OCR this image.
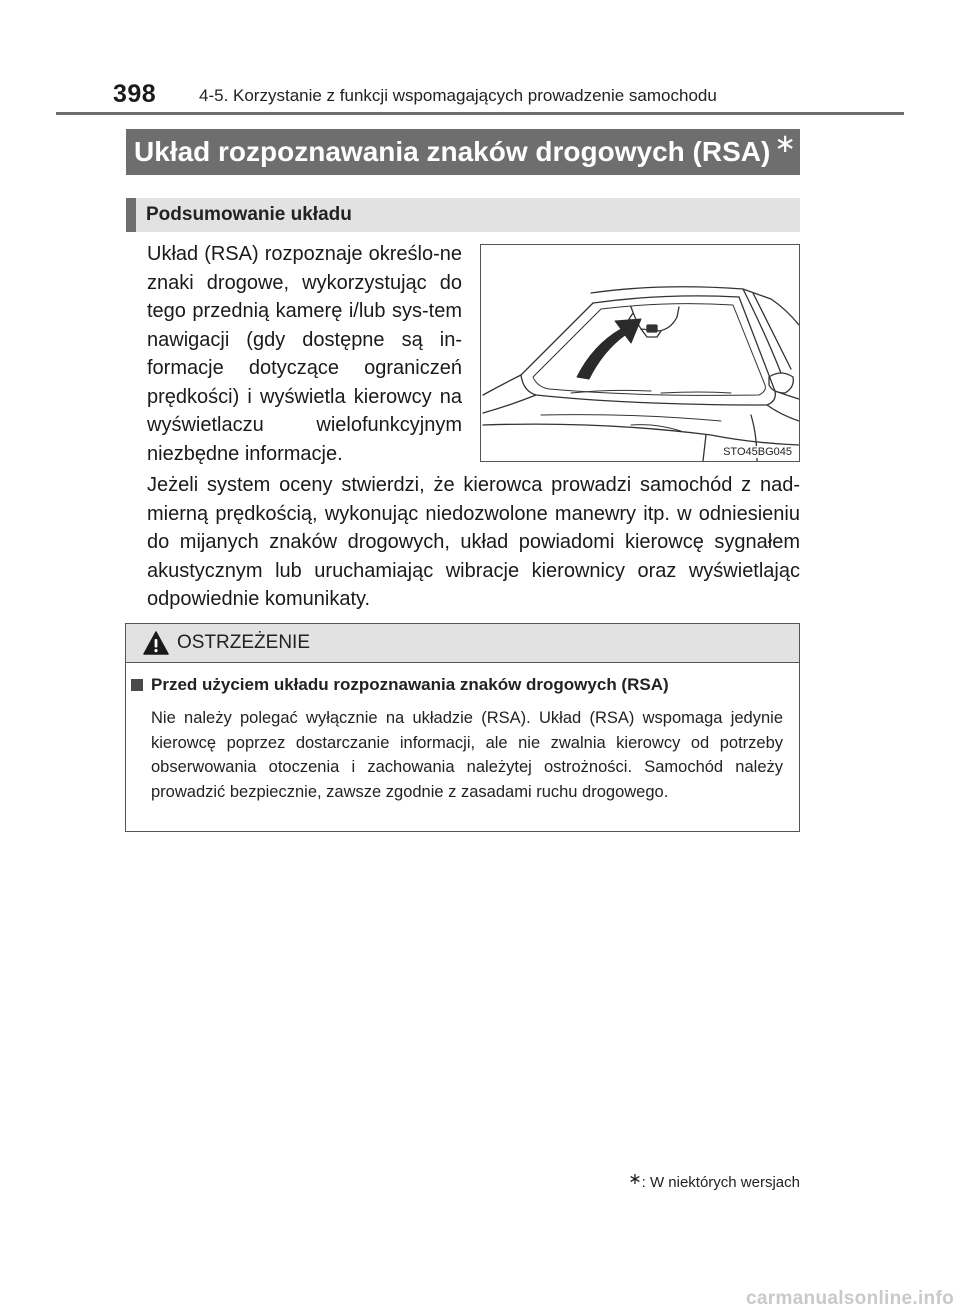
398	4-5. Korzystanie z funkcji wspomagających prowadzenie samochodu
Układ rozpoznawania znaków drogowych (RSA) ∗
Podsumowanie układu

Układ (RSA) rozpoznaje określo-ne znaki drogowe, wykorzystując do tego przednią kamerę i/lub sys-tem nawigacji (gdy dostępne są in-formacje dotyczące ograniczeń prędkości) i wyświetla kierowcy na wyświetlaczu wielofunkcyjnym niezbędne informacje.	STO45BG045

Jeżeli system oceny stwierdzi, że kierowca prowadzi samochód z nad-mierną prędkością, wykonując niedozwolone manewry itp. w odniesieniu do mijanych znaków drogowych, układ powiadomi kierowcę sygnałem akustycznym lub uruchamiając wibracje kierownicy oraz wyświetlając odpowiednie komunikaty.

OSTRZEŻENIE
Przed użyciem układu rozpoznawania znaków drogowych (RSA)

Nie należy polegać wyłącznie na układzie (RSA). Układ (RSA) wspomaga jedynie kierowcę poprzez dostarczanie informacji, ale nie zwalnia kierowcy od potrzeby obserwowania otoczenia i zachowania należytej ostrożności. Samochód należy prowadzić bezpiecznie, zawsze zgodnie z zasadami ruchu drogowego.

∗: W niektórych wersjach
carmanualsonline.info
